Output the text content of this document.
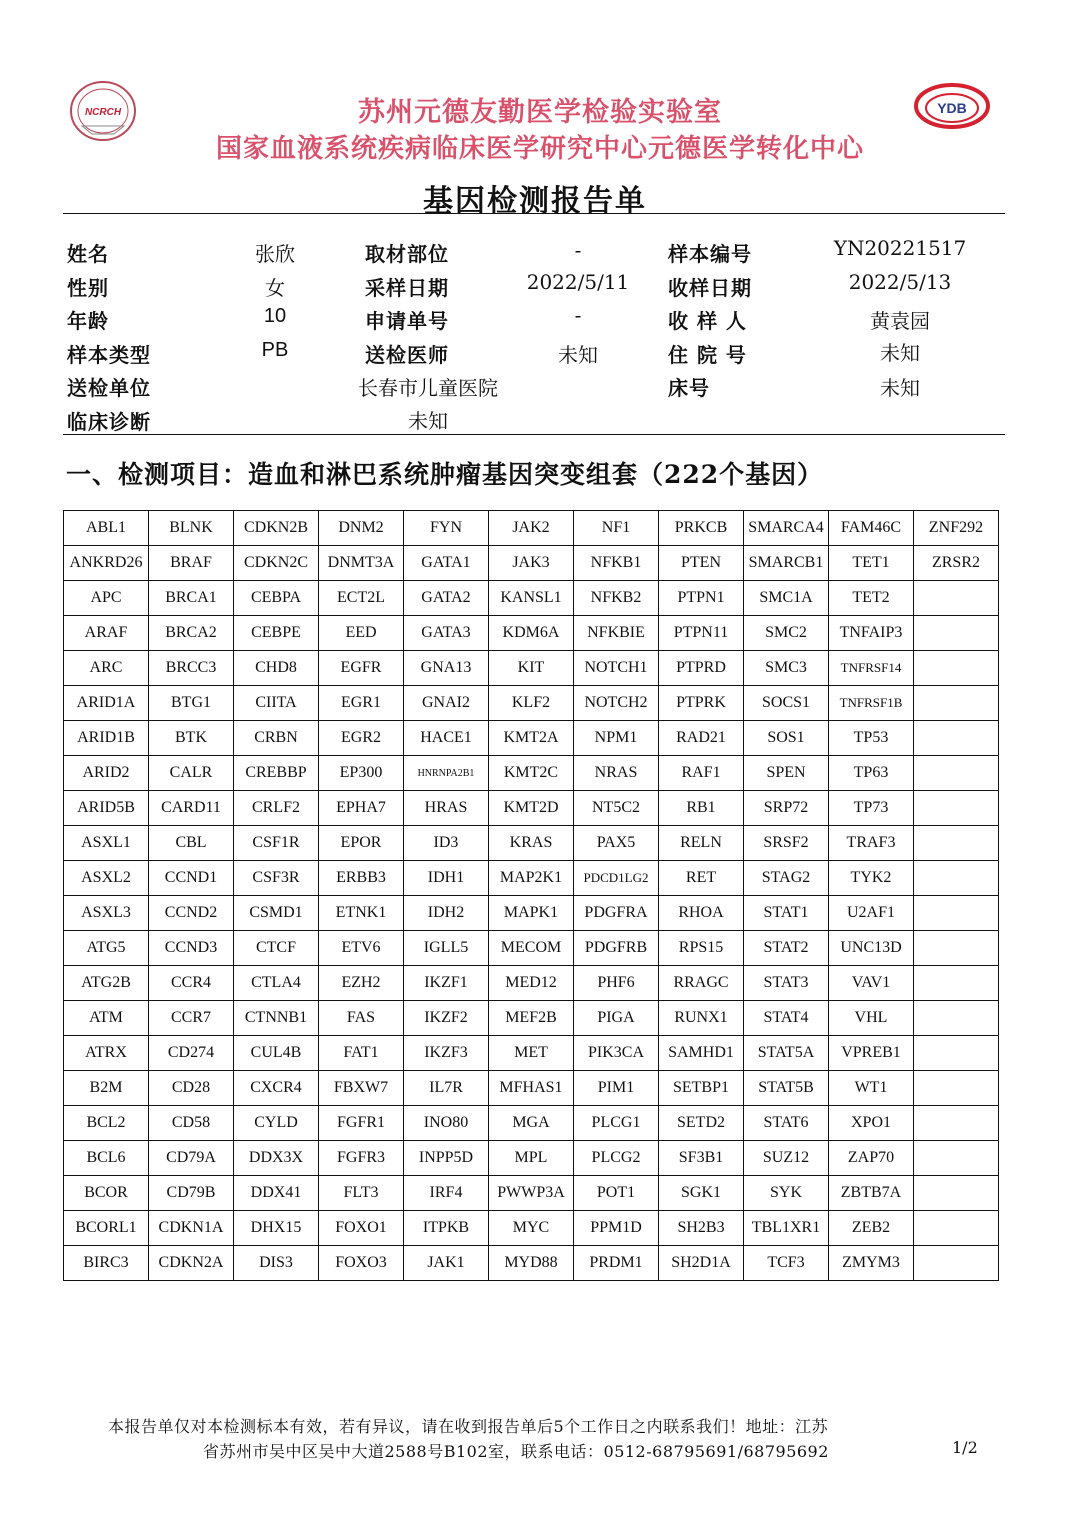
NCRCH	YDB
苏州元德友勤医学检验实验室
国家血液系统疾病临床医学研究中心元德医学转化中心
基因检测报告单
姓名	张欣	取材部位	-	样本编号	YN20221517
性别	女	采样日期	2022/5/11	收样日期	2022/5/13
年龄	10	申请单号	-	收 样 人	黄袁园
样本类型	PB	送检医师	未知	住 院 号	未知
送检单位	长春市儿童医院	床号	未知
临床诊断	未知
一、检测项目：造血和淋巴系统肿瘤基因突变组套（222个基因）
ABL1	BLNK	CDKN2B	DNM2	FYN	JAK2	NF1	PRKCB	SMARCA4	FAM46C	ZNF292
ANKRD26	BRAF	CDKN2C	DNMT3A	GATA1	JAK3	NFKB1	PTEN	SMARCB1	TET1	ZRSR2
APC	BRCA1	CEBPA	ECT2L	GATA2	KANSL1	NFKB2	PTPN1	SMC1A	TET2	
ARAF	BRCA2	CEBPE	EED	GATA3	KDM6A	NFKBIE	PTPN11	SMC2	TNFAIP3	
ARC	BRCC3	CHD8	EGFR	GNA13	KIT	NOTCH1	PTPRD	SMC3	TNFRSF14	
ARID1A	BTG1	CIITA	EGR1	GNAI2	KLF2	NOTCH2	PTPRK	SOCS1	TNFRSF1B	
ARID1B	BTK	CRBN	EGR2	HACE1	KMT2A	NPM1	RAD21	SOS1	TP53	
ARID2	CALR	CREBBP	EP300	HNRNPA2B1	KMT2C	NRAS	RAF1	SPEN	TP63	
ARID5B	CARD11	CRLF2	EPHA7	HRAS	KMT2D	NT5C2	RB1	SRP72	TP73	
ASXL1	CBL	CSF1R	EPOR	ID3	KRAS	PAX5	RELN	SRSF2	TRAF3	
ASXL2	CCND1	CSF3R	ERBB3	IDH1	MAP2K1	PDCD1LG2	RET	STAG2	TYK2	
ASXL3	CCND2	CSMD1	ETNK1	IDH2	MAPK1	PDGFRA	RHOA	STAT1	U2AF1	
ATG5	CCND3	CTCF	ETV6	IGLL5	MECOM	PDGFRB	RPS15	STAT2	UNC13D	
ATG2B	CCR4	CTLA4	EZH2	IKZF1	MED12	PHF6	RRAGC	STAT3	VAV1	
ATM	CCR7	CTNNB1	FAS	IKZF2	MEF2B	PIGA	RUNX1	STAT4	VHL	
ATRX	CD274	CUL4B	FAT1	IKZF3	MET	PIK3CA	SAMHD1	STAT5A	VPREB1	
B2M	CD28	CXCR4	FBXW7	IL7R	MFHAS1	PIM1	SETBP1	STAT5B	WT1	
BCL2	CD58	CYLD	FGFR1	INO80	MGA	PLCG1	SETD2	STAT6	XPO1	
BCL6	CD79A	DDX3X	FGFR3	INPP5D	MPL	PLCG2	SF3B1	SUZ12	ZAP70	
BCOR	CD79B	DDX41	FLT3	IRF4	PWWP3A	POT1	SGK1	SYK	ZBTB7A	
BCORL1	CDKN1A	DHX15	FOXO1	ITPKB	MYC	PPM1D	SH2B3	TBL1XR1	ZEB2	
BIRC3	CDKN2A	DIS3	FOXO3	JAK1	MYD88	PRDM1	SH2D1A	TCF3	ZMYM3	
本报告单仅对本检测标本有效，若有异议，请在收到报告单后5个工作日之内联系我们！地址：江苏
省苏州市吴中区吴中大道2588号B102室，联系电话：0512-68795691/68795692	1/2
